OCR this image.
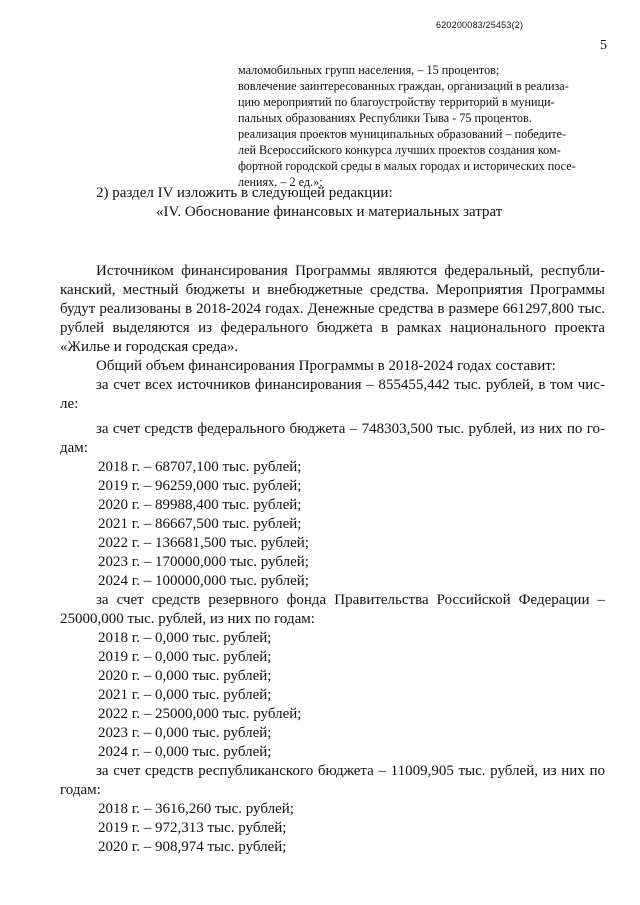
620200083/25453(2)
5
маломобильных групп населения, – 15 процентов;
вовлечение заинтересованных граждан, организаций в реализа-
цию мероприятий по благоустройству территорий в муници-
пальных образованиях Республики Тыва - 75 процентов.
реализация проектов муниципальных образований – победите-
лей Всероссийского конкурса лучших проектов создания ком-
фортной городской среды в малых городах и исторических посе-
лениях, – 2 ед.»;
2) раздел IV изложить в следующей редакции:
«IV. Обоснование финансовых и материальных затрат
Источником финансирования Программы являются федеральный, республи-
канский, местный бюджеты и внебюджетные средства. Мероприятия Программы
будут реализованы в 2018-2024 годах. Денежные средства в размере 661297,800 тыс.
рублей выделяются из федерального бюджета в рамках национального проекта
«Жилье и городская среда».
Общий объем финансирования Программы в 2018-2024 годах составит:
за счет всех источников финансирования – 855455,442 тыс. рублей, в том чис-
ле:
за счет средств федерального бюджета – 748303,500 тыс. рублей, из них по го-
дам:
2018 г. – 68707,100 тыс. рублей;
2019 г. – 96259,000 тыс. рублей;
2020 г. – 89988,400 тыс. рублей;
2021 г. – 86667,500 тыс. рублей;
2022 г. – 136681,500 тыс. рублей;
2023 г. – 170000,000 тыс. рублей;
2024 г. – 100000,000 тыс. рублей;
за счет средств резервного фонда Правительства Российской Федерации –
25000,000 тыс. рублей, из них по годам:
2018 г. – 0,000 тыс. рублей;
2019 г. – 0,000 тыс. рублей;
2020 г. – 0,000 тыс. рублей;
2021 г. – 0,000 тыс. рублей;
2022 г. – 25000,000 тыс. рублей;
2023 г. – 0,000 тыс. рублей;
2024 г. – 0,000 тыс. рублей;
за счет средств республиканского бюджета – 11009,905 тыс. рублей, из них по
годам:
2018 г. – 3616,260 тыс. рублей;
2019 г. – 972,313 тыс. рублей;
2020 г. – 908,974 тыс. рублей;
